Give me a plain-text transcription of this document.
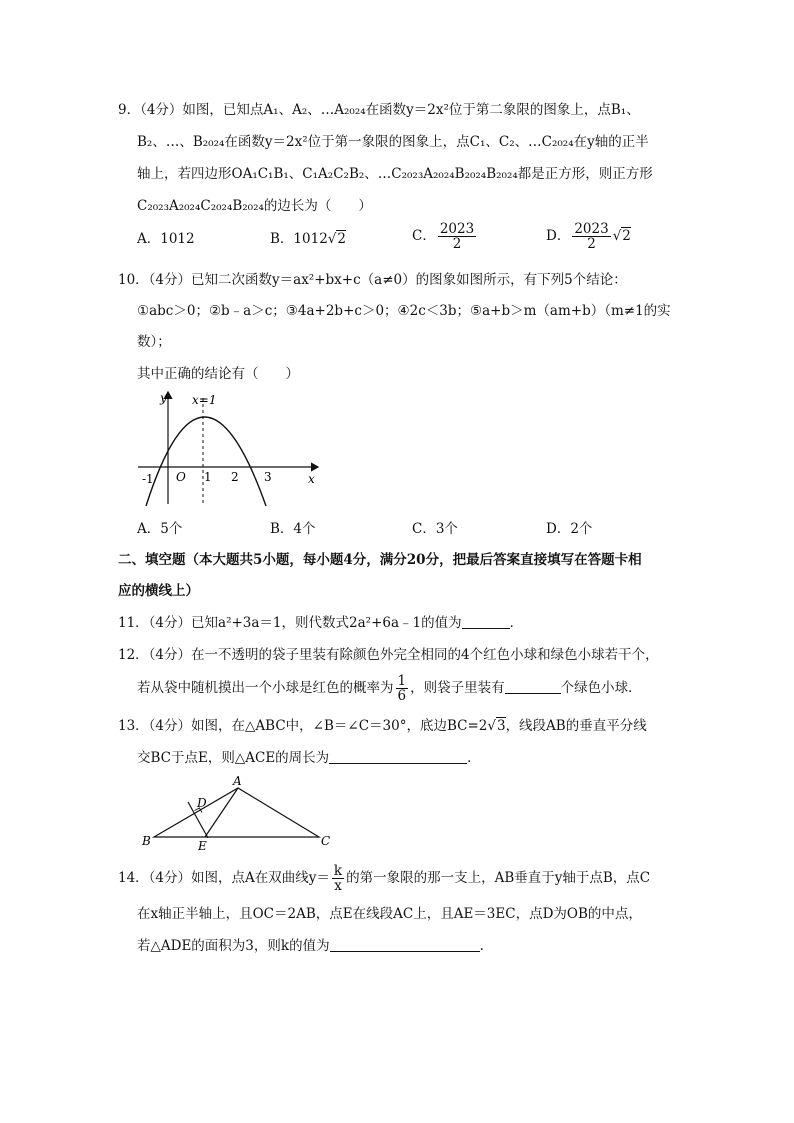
9．（4分）如图，已知点A₁、A₂、…A₂₀₂₄在函数y＝2x²位于第二象限的图象上，点B₁、
B₂、…、B₂₀₂₄在函数y＝2x²位于第一象限的图象上，点C₁、C₂、…C₂₀₂₄在y轴的正半
轴上，若四边形OA₁C₁B₁、C₁A₂C₂B₂、…C₂₀₂₃A₂₀₂₄B₂₀₂₄B₂₀₂₄都是正方形，则正方形
C₂₀₂₃A₂₀₂₄C₂₀₂₄B₂₀₂₄的边长为（　　）
A．1012	B．1012√2	C． $\frac{2023}{2}$	D． $\frac{2023}{2} √2$
10．（4分）已知二次函数y＝ax²+bx+c（a≠0）的图象如图所示，有下列5个结论：
①abc＞0；②b﹣a＞c；③4a+2b+c＞0；④2c＜3b；⑤a+b＞m（am+b）（m≠1的实
数）；
其中正确的结论有（　　）
y
x
x=1
O
-1	1 2 3
A．5个	B．4个	C．3个	D．2个
二、填空题（本大题共5小题，每小题4分，满分20分，把最后答案直接填写在答题卡相
应的横线上）
11．（4分）已知a²+3a＝1，则代数式2a²+6a﹣1的值为	．
12．（4分）在一不透明的袋子里装有除颜色外完全相同的4个红色小球和绿色小球若干个，
若从袋中随机摸出一个小球是红色的概率为 $\frac{1}{6}$ ，则袋子里装有	个绿色小球．
13．（4分）如图，在△ABC中，∠B＝∠C＝30°，底边BC=2√3，线段AB的垂直平分线
交BC于点E，则△ACE的周长为	．
A
B	C
D
E
14．（4分）如图，点A在双曲线$y= \frac{k}{x}$ 的第一象限的那一支上，AB垂直于y轴于点B，点C
在x轴正半轴上，且OC＝2AB，点E在线段AC上，且AE＝3EC，点D为OB的中点，
若△ADE的面积为3，则k的值为	．
